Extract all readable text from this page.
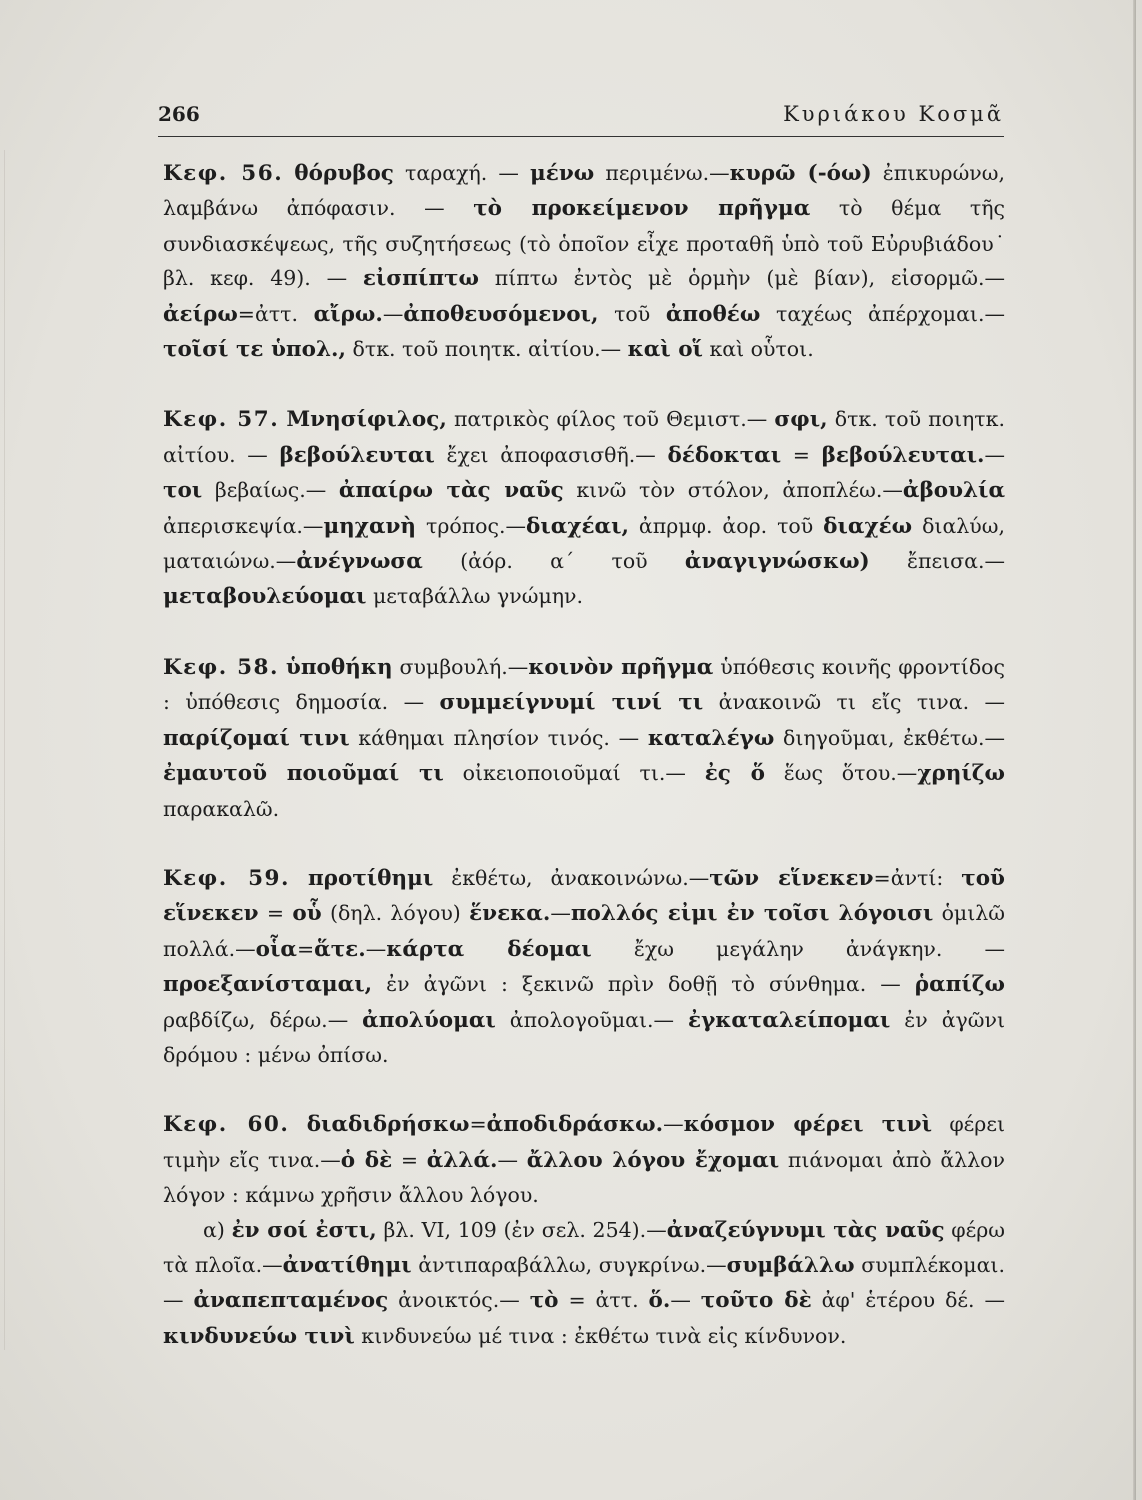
266	Κυριάκου Κοσμᾶ

Κεφ. 56. θόρυβος ταραχή. — μένω περιμένω.—κυρῶ (-όω) ἐπικυρώνω, λαμβάνω ἀπόφασιν. — τὸ προκείμενον πρῆγμα τὸ θέμα τῆς συνδιασκέψεως, τῆς συζητήσεως (τὸ ὁποῖον εἶχε προταθῆ ὑπὸ τοῦ Εὐρυβιάδου˙ βλ. κεφ. 49). — εἰσπίπτω πίπτω ἐντὸς μὲ ὁρμὴν (μὲ βίαν), εἰσορμῶ.—ἀείρω=ἀττ. αἴρω.—ἀποθευσόμενοι, τοῦ ἀποθέω ταχέως ἀπέρχομαι.— τοῖσί τε ὑπολ., δτκ. τοῦ ποιητκ. αἰτίου.— καὶ οἵ καὶ οὗτοι.

Κεφ. 57. Μνησίφιλος, πατρικὸς φίλος τοῦ Θεμιστ.— σφι, δτκ. τοῦ ποιητκ. αἰτίου. — βεβούλευται ἔχει ἀποφασισθῆ.— δέδοκται = βεβούλευται.— τοι βεβαίως.— ἀπαίρω τὰς ναῦς κινῶ τὸν στόλον, ἀποπλέω.—ἀβουλία ἀπερισκεψία.—μηχανὴ τρόπος.—διαχέαι, ἀπρμφ. ἀορ. τοῦ διαχέω διαλύω, ματαιώνω.—ἀνέγνωσα (ἀόρ. α΄ τοῦ ἀναγιγνώσκω) ἔπεισα.—μεταβουλεύομαι μεταβάλλω γνώμην.

Κεφ. 58. ὑποθήκη συμβουλή.—κοινὸν πρῆγμα ὑπόθεσις κοινῆς φροντίδος : ὑπόθεσις δημοσία. — συμμείγνυμί τινί τι ἀνακοινῶ τι εἴς τινα. — παρίζομαί τινι κάθημαι πλησίον τινός. — καταλέγω διηγοῦμαι, ἐκθέτω.—ἐμαυτοῦ ποιοῦμαί τι οἰκειοποιοῦμαί τι.— ἐς ὅ ἕως ὅτου.—χρηίζω παρακαλῶ.

Κεφ. 59. προτίθημι ἐκθέτω, ἀνακοινώνω.—τῶν εἵνεκεν=ἀντί: τοῦ εἵνεκεν = οὗ (δηλ. λόγου) ἕνεκα.—πολλός εἰμι ἐν τοῖσι λόγοισι ὁμιλῶ πολλά.—οἷα=ἅτε.—κάρτα δέομαι ἔχω μεγάλην ἀνάγκην. — προεξανίσταμαι, ἐν ἀγῶνι : ξεκινῶ πρὶν δοθῇ τὸ σύνθημα. — ῥαπίζω ραβδίζω, δέρω.— ἀπολύομαι ἀπολογοῦμαι.— ἐγκαταλείπομαι ἐν ἀγῶνι δρόμου : μένω ὀπίσω.

Κεφ. 60. διαδιδρήσκω=ἀποδιδράσκω.—κόσμον φέρει τινὶ φέρει τιμὴν εἴς τινα.—ὁ δὲ = ἀλλά.— ἄλλου λόγου ἔχομαι πιάνομαι ἀπὸ ἄλλον λόγον : κάμνω χρῆσιν ἄλλου λόγου.

α) ἐν σοί ἐστι, βλ. VI, 109 (ἐν σελ. 254).—ἀναζεύγνυμι τὰς ναῦς φέρω τὰ πλοῖα.—ἀνατίθημι ἀντιπαραβάλλω, συγκρίνω.—συμβάλλω συμπλέκομαι.— ἀναπεπταμένος ἀνοικτός.— τὸ = ἀττ. ὅ.— τοῦτο δὲ ἀφ' ἑτέρου δέ. — κινδυνεύω τινὶ κινδυνεύω μέ τινα : ἐκθέτω τινὰ εἰς κίνδυνον.
